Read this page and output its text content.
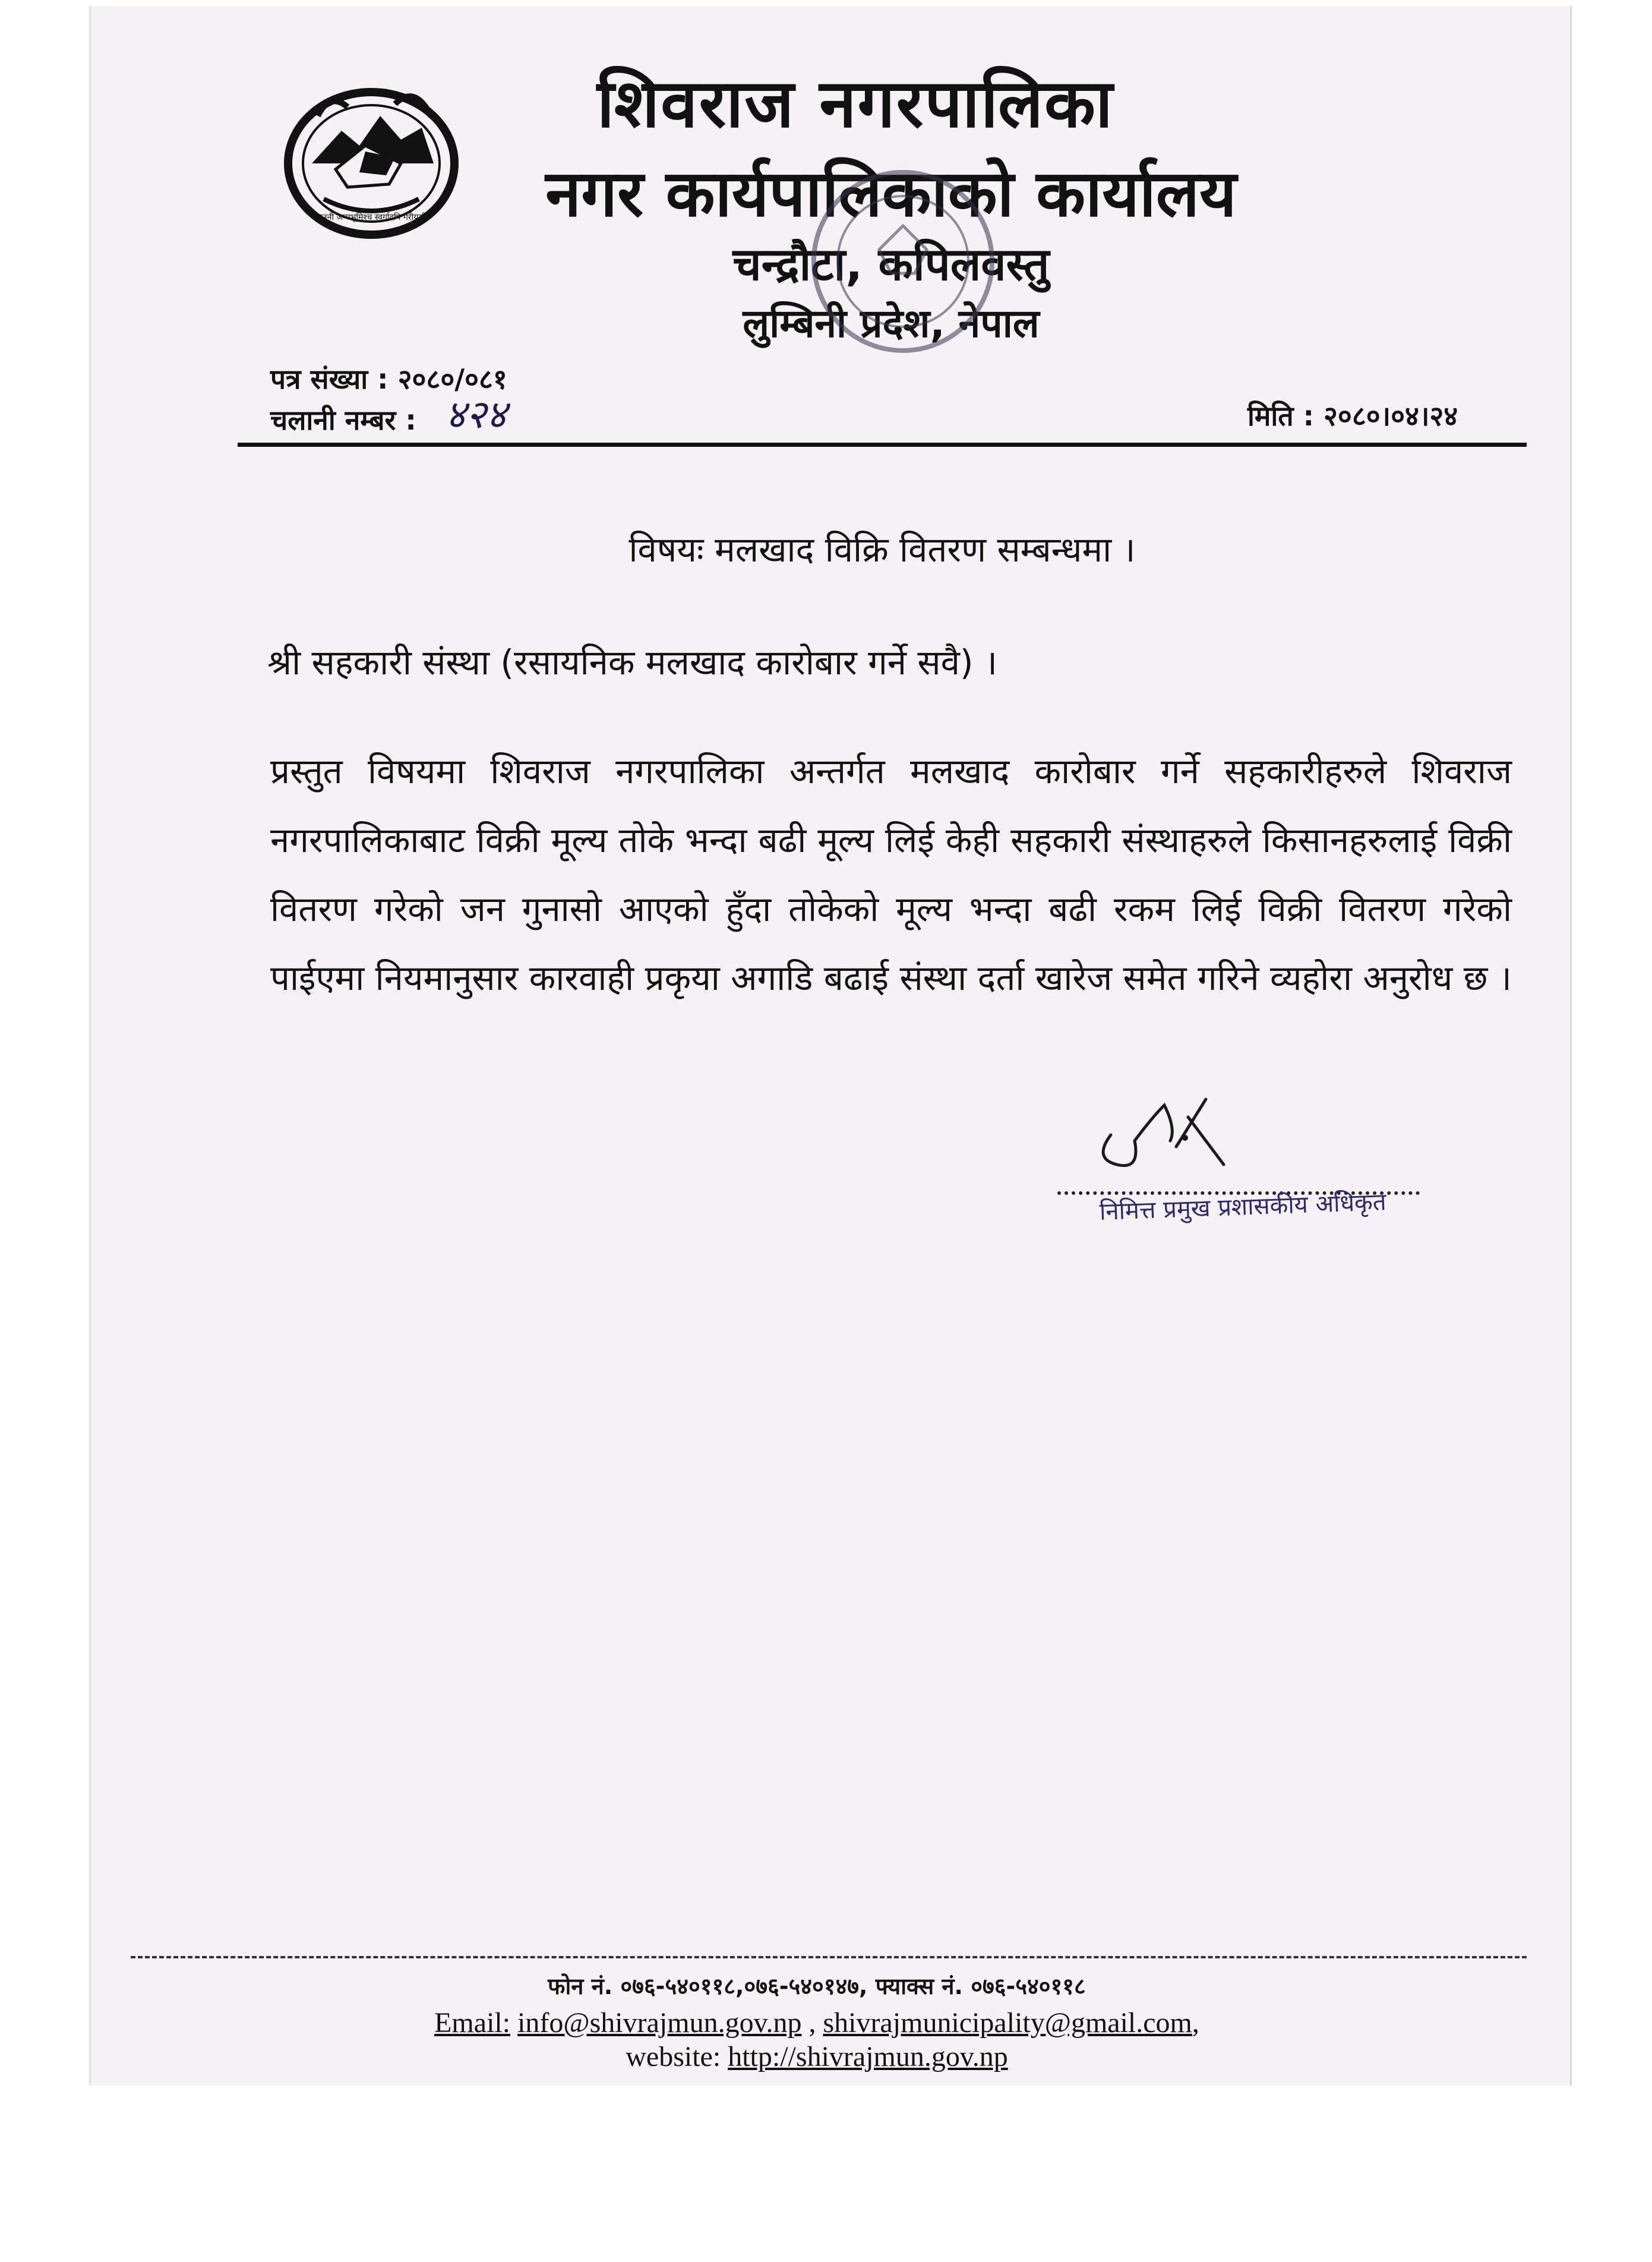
जननी जन्मभूमिश्च स्वर्गादपि गरीयसी
शिवराज नगरपालिका
नगर कार्यपालिकाको कार्यालय
चन्द्रौटा, कपिलवस्तु
लुम्बिनी प्रदेश, नेपाल
पत्र संख्या : २०८०/०८१
चलानी नम्बर : ४२४	मिति : २०८०।०४।२४
विषयः मलखाद विक्रि वितरण सम्बन्धमा ।
श्री सहकारी संस्था (रसायनिक मलखाद कारोबार गर्ने सवै) ।
प्रस्तुत विषयमा शिवराज नगरपालिका अन्तर्गत मलखाद कारोबार गर्ने सहकारीहरुले शिवराज नगरपालिकाबाट विक्री मूल्य तोके भन्दा बढी मूल्य लिई केही सहकारी संस्थाहरुले किसानहरुलाई विक्री वितरण गरेको जन गुनासो आएको हुँदा तोकेको मूल्य भन्दा बढी रकम लिई विक्री वितरण गरेको पाईएमा नियमानुसार कारवाही प्रकृया अगाडि बढाई संस्था दर्ता खारेज समेत गरिने व्यहोरा अनुरोध छ ।
निमित्त प्रमुख प्रशासकीय अधिकृत
फोन नं. ०७६-५४०११८,०७६-५४०१४७, फ्याक्स नं. ०७६-५४०११८
Email: info@shivrajmun.gov.np , shivrajmunicipality@gmail.com,
website: http://shivrajmun.gov.np
